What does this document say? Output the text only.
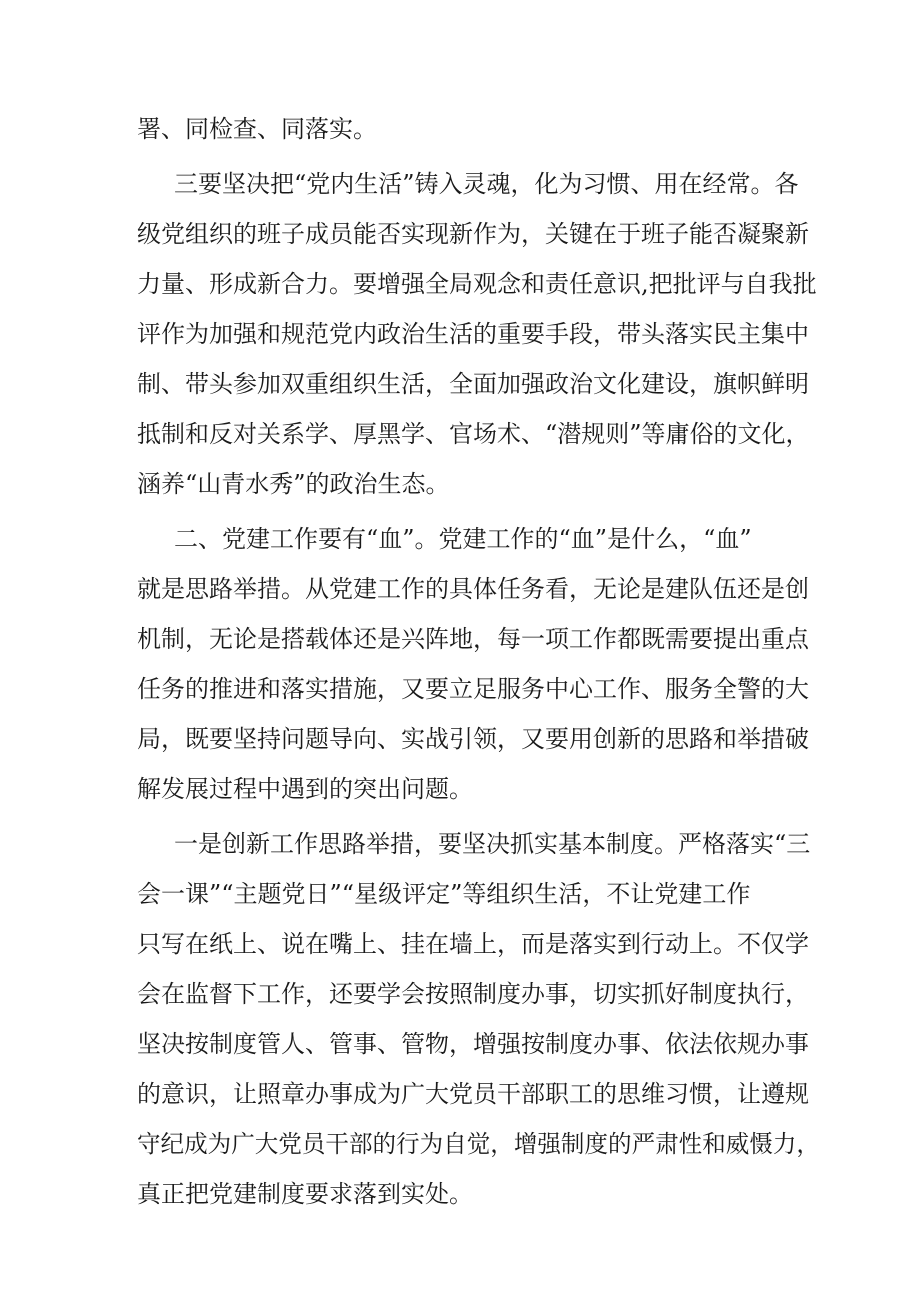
署、同检查、同落实。
三要坚决把“党内生活”铸入灵魂，化为习惯、用在经常。各
级党组织的班子成员能否实现新作为，关键在于班子能否凝聚新
力量、形成新合力。要增强全局观念和责任意识,把批评与自我批
评作为加强和规范党内政治生活的重要手段，带头落实民主集中
制、带头参加双重组织生活，全面加强政治文化建设，旗帜鲜明
抵制和反对关系学、厚黑学、官场术、“潜规则”等庸俗的文化，
涵养“山青水秀”的政治生态。
二、党建工作要有“血”。党建工作的“血”是什么，“血”
就是思路举措。从党建工作的具体任务看，无论是建队伍还是创
机制，无论是搭载体还是兴阵地，每一项工作都既需要提出重点
任务的推进和落实措施，又要立足服务中心工作、服务全警的大
局，既要坚持问题导向、实战引领，又要用创新的思路和举措破
解发展过程中遇到的突出问题。
一是创新工作思路举措，要坚决抓实基本制度。严格落实“三
会一课”“主题党日”“星级评定”等组织生活，不让党建工作
只写在纸上、说在嘴上、挂在墙上，而是落实到行动上。不仅学
会在监督下工作，还要学会按照制度办事，切实抓好制度执行，
坚决按制度管人、管事、管物，增强按制度办事、依法依规办事
的意识，让照章办事成为广大党员干部职工的思维习惯，让遵规
守纪成为广大党员干部的行为自觉，增强制度的严肃性和威慑力，
真正把党建制度要求落到实处。
